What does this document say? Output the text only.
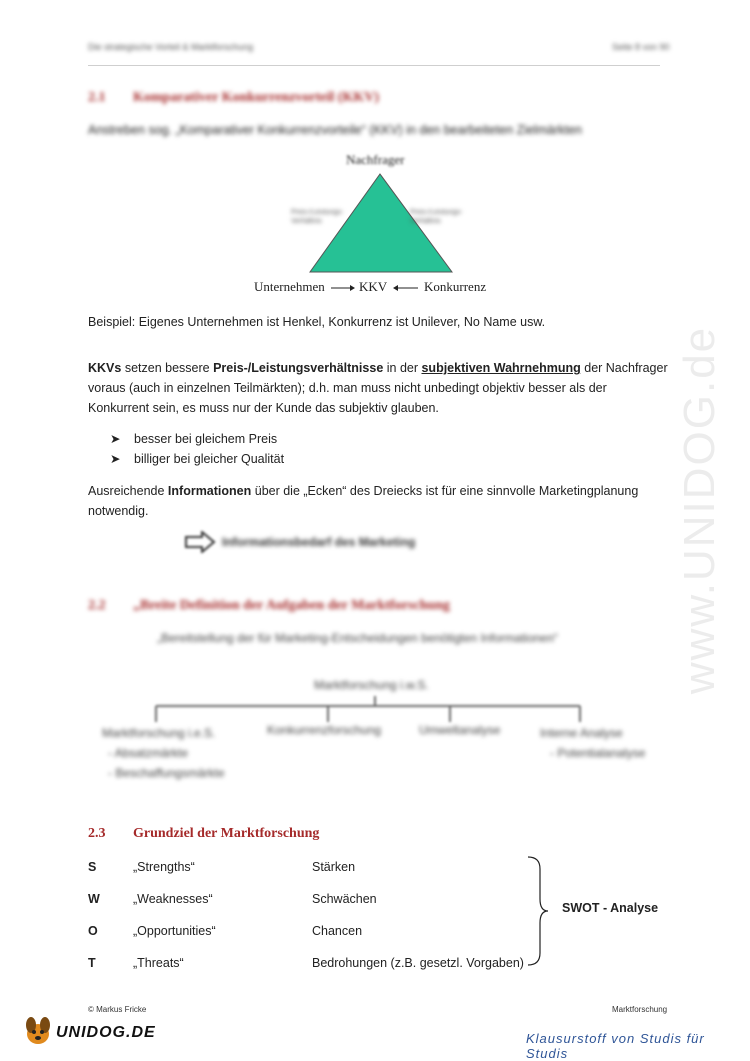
Die strategische Vorteil & Marktforschung	Seite 8 von 90
2.1 Komparativer Konkurrenzvorteil (KKV)
Anstreben sog. „Komparativer Konkurrenzvorteile“ (KKV) in den bearbeiteten Zielmärkten
Nachfrager
Preis-/Leistungs-Verhältnis
Preis-/Leistungs-Verhältnis
Unternehmen	KKV	Konkurrenz
Beispiel: Eigenes Unternehmen ist Henkel, Konkurrenz ist Unilever, No Name usw.
KKVs setzen bessere Preis-/Leistungsverhältnisse in der subjektiven Wahrnehmung der Nachfrager
voraus (auch in einzelnen Teilmärkten); d.h. man muss nicht unbedingt objektiv besser als der
Konkurrent sein, es muss nur der Kunde das subjektiv glauben.
➤ besser bei gleichem Preis
➤ billiger bei gleicher Qualität
Ausreichende Informationen über die „Ecken“ des Dreiecks ist für eine sinnvolle Marketingplanung
notwendig.
Informationsbedarf des Marketing
2.2 „Breite Definition der Aufgaben der Marktforschung
„Bereitstellung der für Marketing-Entscheidungen benötigten Informationen“
Marktforschung i.w.S.
Marktforschung i.e.S.
- Absatzmärkte
- Beschaffungsmärkte
Konkurrenzforschung	Umweltanalyse	Interne Analyse
- Potentialanalyse
2.3 Grundziel der Marktforschung
S	„Strengths“	Stärken
W	„Weaknesses“	Schwächen
O	„Opportunities“	Chancen
T	„Threats“	Bedrohungen (z.B. gesetzl. Vorgaben)
SWOT - Analyse
© Markus Fricke	Marktforschung
www.UNIDOG.de
UNIDOG.DE	Klausurstoff von Studis für Studis
